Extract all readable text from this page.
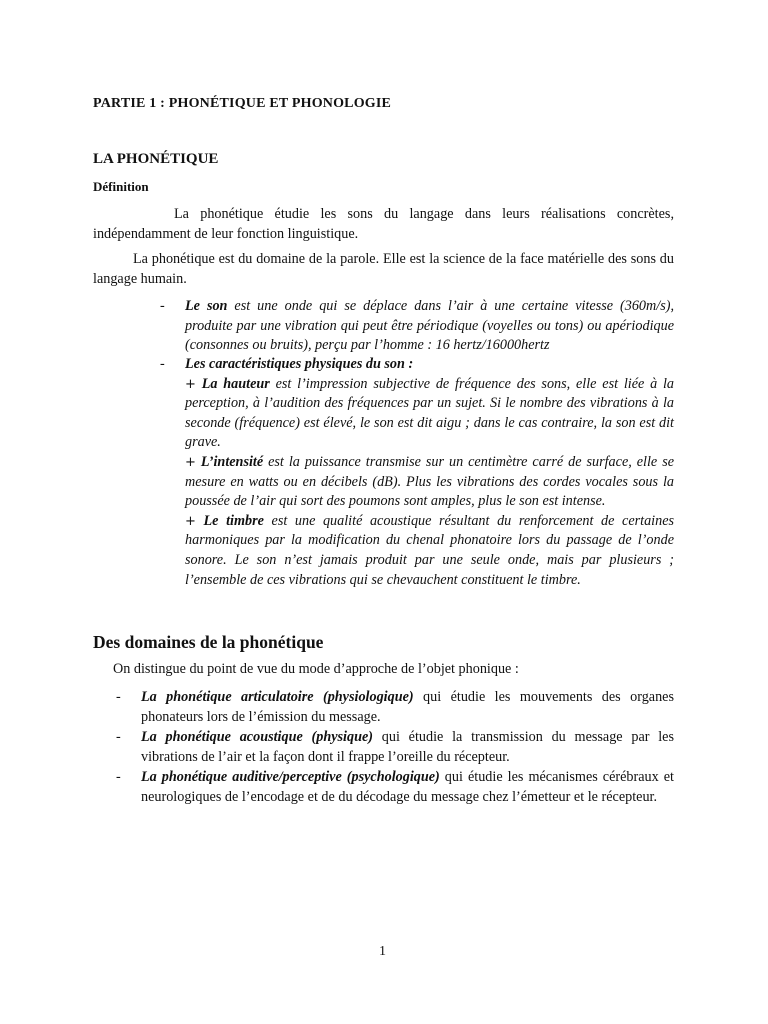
PARTIE 1 : PHONÉTIQUE ET PHONOLOGIE
LA PHONÉTIQUE
Définition

La phonétique étudie les sons du langage dans leurs réalisations concrètes, indépendamment de leur fonction linguistique.

La phonétique est du domaine de la parole. Elle est la science de la face matérielle des sons du langage humain.

- Le son est une onde qui se déplace dans l’air à une certaine vitesse (360m/s), produite par une vibration qui peut être périodique (voyelles ou tons) ou apériodique (consonnes ou bruits), perçu par l’homme : 16 hertz/16000hertz

- Les caractéristiques physiques du son :

+ La hauteur est l’impression subjective de fréquence des sons, elle est liée à la perception, à l’audition des fréquences par un sujet. Si le nombre des vibrations à la seconde (fréquence) est élevé, le son est dit aigu ; dans le cas contraire, la son est dit grave.

+ L’intensité est la puissance transmise sur un centimètre carré de surface, elle se mesure en watts ou en décibels (dB). Plus les vibrations des cordes vocales sous la poussée de l’air qui sort des poumons sont amples, plus le son est intense.

+ Le timbre est une qualité acoustique résultant du renforcement de certaines harmoniques par la modification du chenal phonatoire lors du passage de l’onde sonore. Le son n’est jamais produit par une seule onde, mais par plusieurs ; l’ensemble de ces vibrations qui se chevauchent constituent le timbre.

Des domaines de la phonétique

On distingue du point de vue du mode d’approche de l’objet phonique :

- La phonétique articulatoire (physiologique) qui étudie les mouvements des organes phonateurs lors de l’émission du message.

- La phonétique acoustique (physique) qui étudie la transmission du message par les vibrations de l’air et la façon dont il frappe l’oreille du récepteur.

- La phonétique auditive/perceptive (psychologique) qui étudie les mécanismes cérébraux et neurologiques de l’encodage et de du décodage du message chez l’émetteur et le récepteur.

1
